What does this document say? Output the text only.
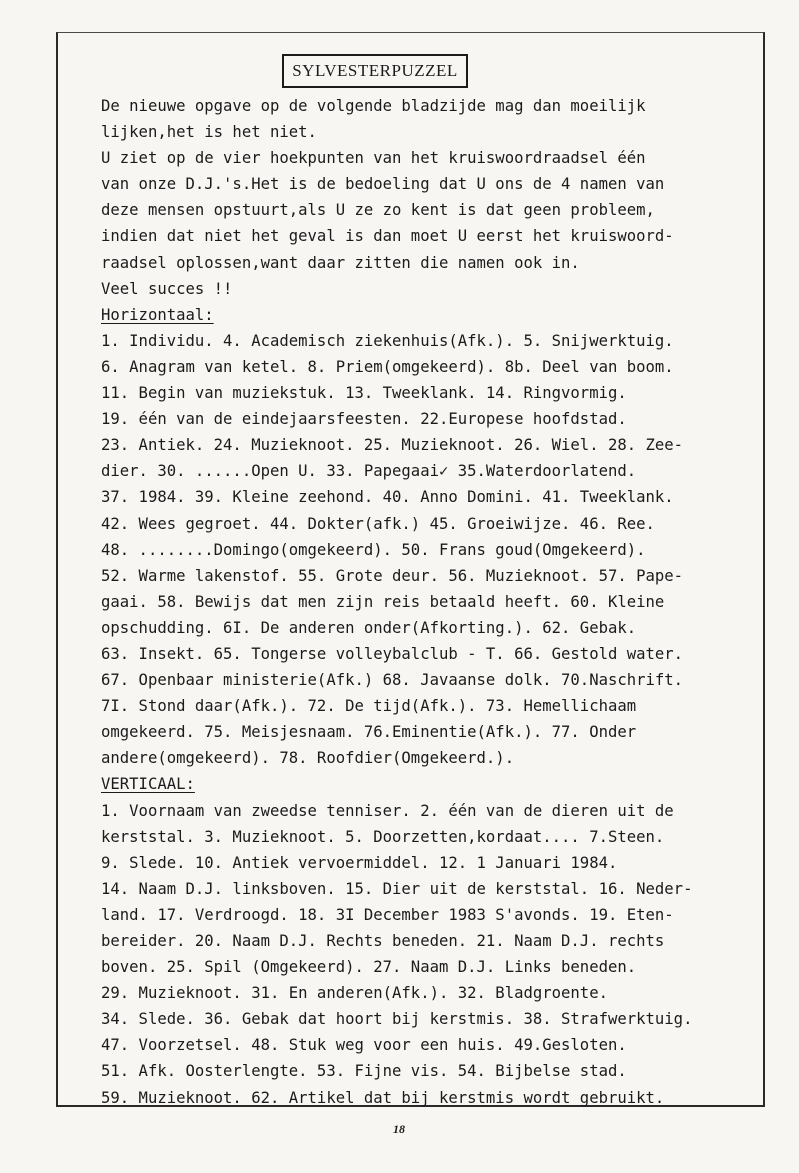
SYLVESTERPUZZEL
De nieuwe opgave op de volgende bladzijde mag dan moeilijk
lijken,het is het niet.
U ziet op de vier hoekpunten van het kruiswoordraadsel één
van onze D.J.'s.Het is de bedoeling dat U ons de 4 namen van
deze mensen opstuurt,als U ze zo kent is dat geen probleem,
indien dat niet het geval is dan moet U eerst het kruiswoord-
raadsel oplossen,want daar zitten die namen ook in.
Veel succes !!
Horizontaal:
1. Individu. 4. Academisch ziekenhuis(Afk.). 5. Snijwerktuig.
6. Anagram van ketel. 8. Priem(omgekeerd). 8b. Deel van boom.
11. Begin van muziekstuk. 13. Tweeklank. 14. Ringvormig.
19. één van de eindejaarsfeesten. 22.Europese hoofdstad.
23. Antiek. 24. Muzieknoot. 25. Muzieknoot. 26. Wiel. 28. Zee-
dier. 30. ......Open U. 33. Papegaai✓ 35.Waterdoorlatend.
37. 1984. 39. Kleine zeehond. 40. Anno Domini. 41. Tweeklank.
42. Wees gegroet. 44. Dokter(afk.) 45. Groeiwijze. 46. Ree.
48. ........Domingo(omgekeerd). 50. Frans goud(Omgekeerd).
52. Warme lakenstof. 55. Grote deur. 56. Muzieknoot. 57. Pape-
gaai. 58. Bewijs dat men zijn reis betaald heeft. 60. Kleine
opschudding. 6I. De anderen onder(Afkorting.). 62. Gebak.
63. Insekt. 65. Tongerse volleybalclub - T. 66. Gestold water.
67. Openbaar ministerie(Afk.) 68. Javaanse dolk. 70.Naschrift.
7I. Stond daar(Afk.). 72. De tijd(Afk.). 73. Hemellichaam
omgekeerd. 75. Meisjesnaam. 76.Eminentie(Afk.). 77. Onder
andere(omgekeerd). 78. Roofdier(Omgekeerd.).
VERTICAAL:
1. Voornaam van zweedse tenniser. 2. één van de dieren uit de
kerststal. 3. Muzieknoot. 5. Doorzetten,kordaat.... 7.Steen.
9. Slede. 10. Antiek vervoermiddel. 12. 1 Januari 1984.
14. Naam D.J. linksboven. 15. Dier uit de kerststal. 16. Neder-
land. 17. Verdroogd. 18. 3I December 1983 S'avonds. 19. Eten-
bereider. 20. Naam D.J. Rechts beneden. 21. Naam D.J. rechts
boven. 25. Spil (Omgekeerd). 27. Naam D.J. Links beneden.
29. Muzieknoot. 31. En anderen(Afk.). 32. Bladgroente.
34. Slede. 36. Gebak dat hoort bij kerstmis. 38. Strafwerktuig.
47. Voorzetsel. 48. Stuk weg voor een huis. 49.Gesloten.
51. Afk. Oosterlengte. 53. Fijne vis. 54. Bijbelse stad.
59. Muzieknoot. 62. Artikel dat bij kerstmis wordt gebruikt.
18
